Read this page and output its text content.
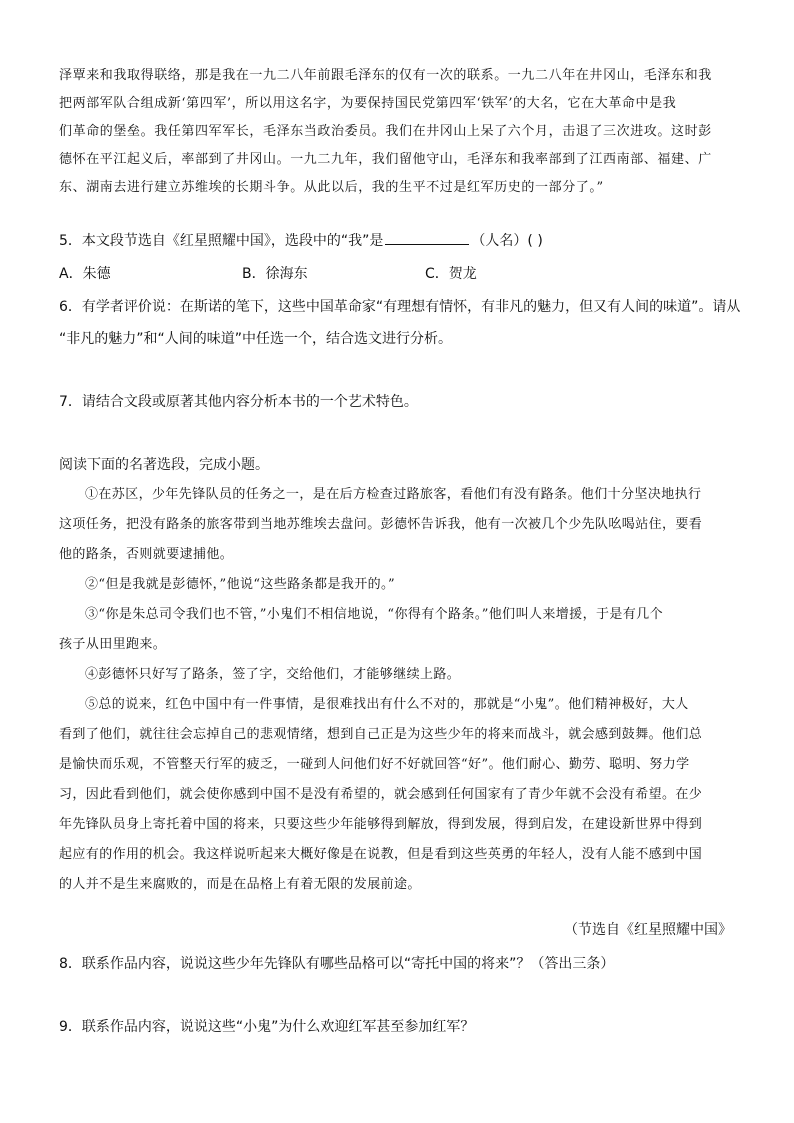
泽覃来和我取得联络，那是我在一九二八年前跟毛泽东的仅有一次的联系。一九二八年在井冈山，毛泽东和我
把两部军队合组成新‘第四军’，所以用这名字，为要保持国民党第四军‘铁军’的大名，它在大革命中是我
们革命的堡垒。我任第四军军长，毛泽东当政治委员。我们在井冈山上呆了六个月，击退了三次进攻。这时彭
德怀在平江起义后，率部到了井冈山。一九二九年，我们留他守山，毛泽东和我率部到了江西南部、福建、广
东、湖南去进行建立苏维埃的长期斗争。从此以后，我的生平不过是红军历史的一部分了。”
5．本文段节选自《红星照耀中国》，选段中的“我”是	（人名）( )
A．朱德	B．徐海东	C．贺龙
6．有学者评价说：在斯诺的笔下，这些中国革命家“有理想有情怀，有非凡的魅力，但又有人间的味道”。请从
“非凡的魅力”和“人间的味道”中任选一个，结合选文进行分析。
7．请结合文段或原著其他内容分析本书的一个艺术特色。
阅读下面的名著选段，完成小题。
①在苏区，少年先锋队员的任务之一，是在后方检查过路旅客，看他们有没有路条。他们十分坚决地执行
这项任务，把没有路条的旅客带到当地苏维埃去盘问。彭德怀告诉我，他有一次被几个少先队吆喝站住，要看
他的路条，否则就要逮捕他。
②“但是我就是彭德怀，”他说“这些路条都是我开的。”
③“你是朱总司令我们也不管，”小鬼们不相信地说，“你得有个路条。”他们叫人来增援，于是有几个
孩子从田里跑来。
④彭德怀只好写了路条，签了字，交给他们，才能够继续上路。
⑤总的说来，红色中国中有一件事情，是很难找出有什么不对的，那就是“小鬼”。他们精神极好，大人
看到了他们，就往往会忘掉自己的悲观情绪，想到自己正是为这些少年的将来而战斗，就会感到鼓舞。他们总
是愉快而乐观，不管整天行军的疲乏，一碰到人问他们好不好就回答“好”。他们耐心、勤劳、聪明、努力学
习，因此看到他们，就会使你感到中国不是没有希望的，就会感到任何国家有了青少年就不会没有希望。在少
年先锋队员身上寄托着中国的将来，只要这些少年能够得到解放，得到发展，得到启发，在建设新世界中得到
起应有的作用的机会。我这样说听起来大概好像是在说教，但是看到这些英勇的年轻人，没有人能不感到中国
的人并不是生来腐败的，而是在品格上有着无限的发展前途。
（节选自《红星照耀中国》
8．联系作品内容，说说这些少年先锋队有哪些品格可以“寄托中国的将来”？（答出三条）
9．联系作品内容，说说这些“小鬼”为什么欢迎红军甚至参加红军？
